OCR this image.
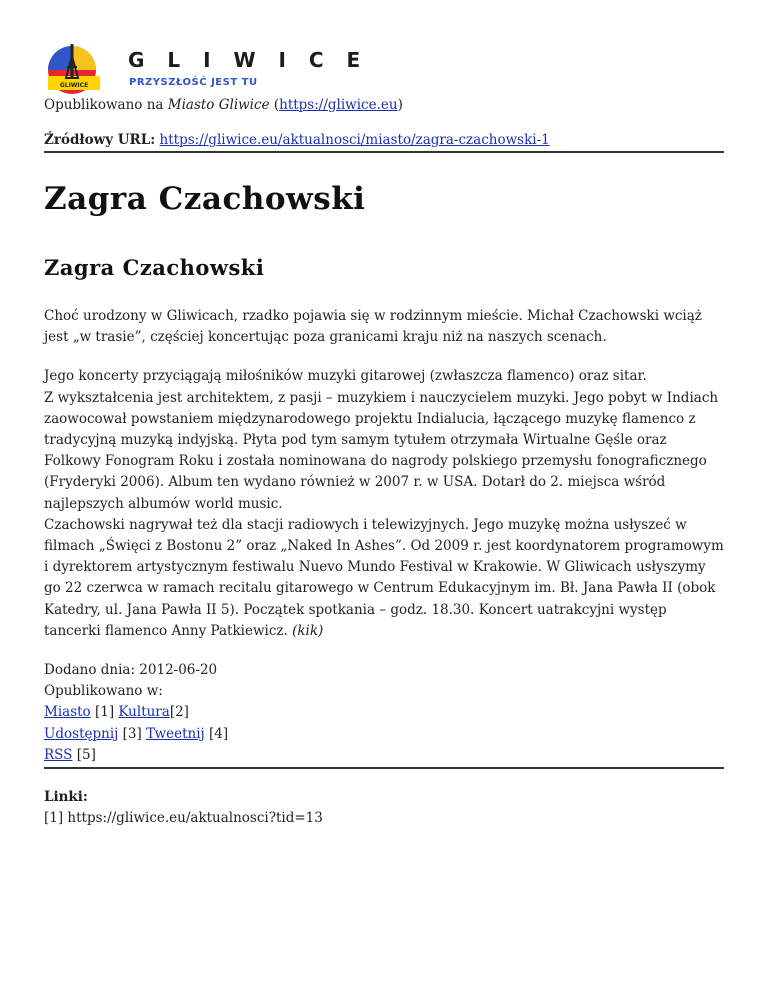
GLIWICE
G L I W I C E
PRZYSZŁOŚĆ JEST TU

Opublikowano na Miasto Gliwice (https://gliwice.eu)

Źródłowy URL: https://gliwice.eu/aktualnosci/miasto/zagra-czachowski-1

Zagra Czachowski
Zagra Czachowski

Choć urodzony w Gliwicach, rzadko pojawia się w rodzinnym mieście. Michał Czachowski wciąż jest „w trasie”, częściej koncertując poza granicami kraju niż na naszych scenach.

Jego koncerty przyciągają miłośników muzyki gitarowej (zwłaszcza flamenco) oraz sitar.

Z wykształcenia jest architektem, z pasji – muzykiem i nauczycielem muzyki. Jego pobyt w Indiach zaowocował powstaniem międzynarodowego projektu Indialucia, łączącego muzykę flamenco z tradycyjną muzyką indyjską. Płyta pod tym samym tytułem otrzymała Wirtualne Gęśle oraz Folkowy Fonogram Roku i została nominowana do nagrody polskiego przemysłu fonograficznego (Fryderyki 2006). Album ten wydano również w 2007 r. w USA. Dotarł do 2. miejsca wśród najlepszych albumów world music.

Czachowski nagrywał też dla stacji radiowych i telewizyjnych. Jego muzykę można usłyszeć w filmach „Święci z Bostonu 2” oraz „Naked In Ashes”. Od 2009 r. jest koordynatorem programowym i dyrektorem artystycznym festiwalu Nuevo Mundo Festival w Krakowie. W Gliwicach usłyszymy go 22 czerwca w ramach recitalu gitarowego w Centrum Edukacyjnym im. Bł. Jana Pawła II (obok Katedry, ul. Jana Pawła II 5). Początek spotkania – godz. 18.30. Koncert uatrakcyjni występ tancerki flamenco Anny Patkiewicz. (kik)

Dodano dnia: 2012-06-20

Opublikowano w:

Miasto [1] Kultura[2]

Udostępnij [3] Tweetnij [4]

RSS [5]

Linki:

[1] https://gliwice.eu/aktualnosci?tid=13
